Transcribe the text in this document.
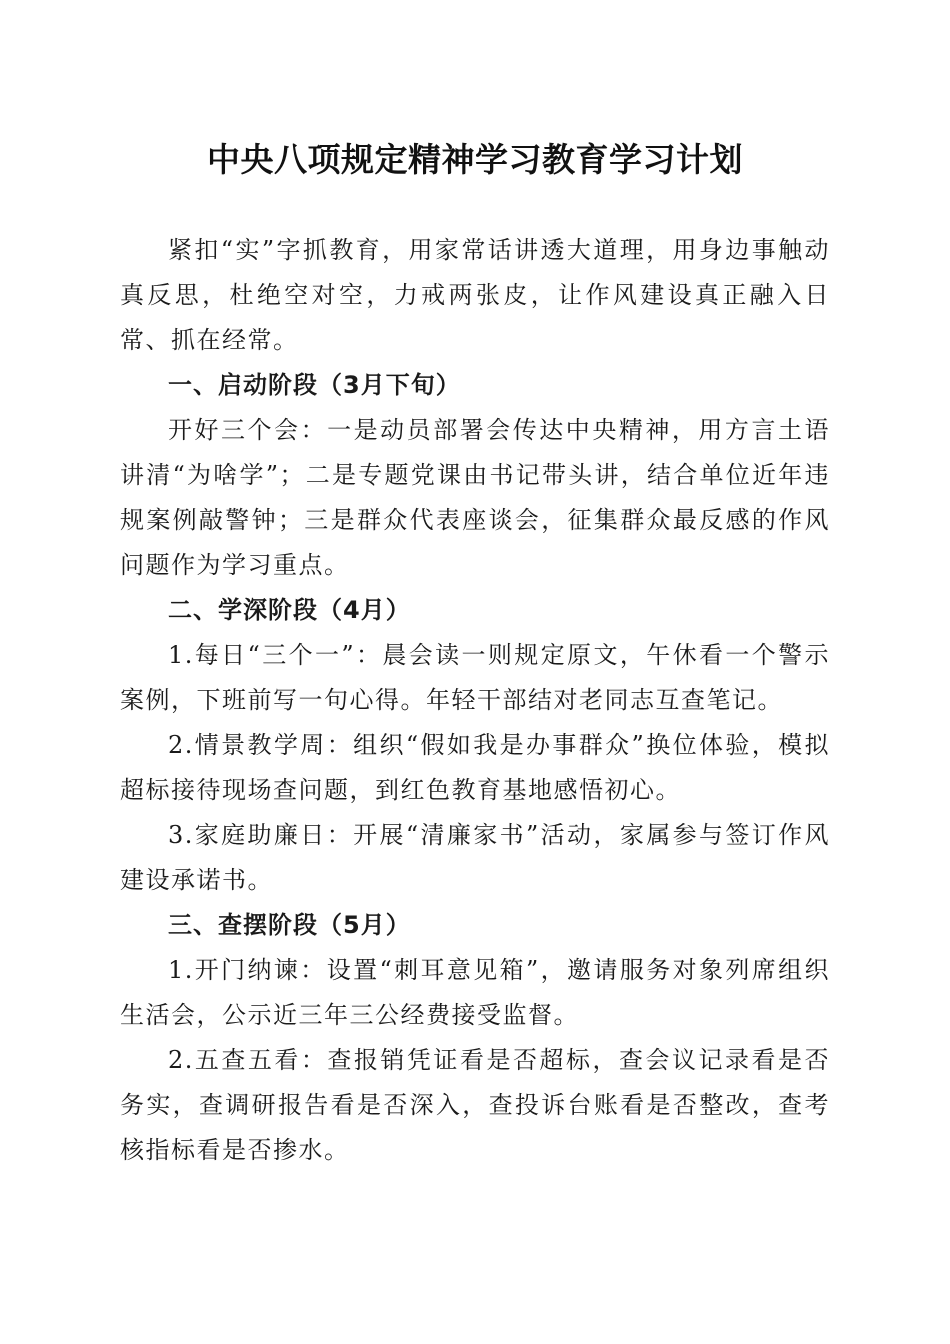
中央八项规定精神学习教育学习计划

紧扣“实”字抓教育，用家常话讲透大道理，用身边事触动真反思，杜绝空对空，力戒两张皮，让作风建设真正融入日常、抓在经常。

一、启动阶段（3月下旬）

开好三个会：一是动员部署会传达中央精神，用方言土语讲清“为啥学”；二是专题党课由书记带头讲，结合单位近年违规案例敲警钟；三是群众代表座谈会，征集群众最反感的作风问题作为学习重点。

二、学深阶段（4月）

1.每日“三个一”：晨会读一则规定原文，午休看一个警示案例，下班前写一句心得。年轻干部结对老同志互查笔记。

2.情景教学周：组织“假如我是办事群众”换位体验，模拟超标接待现场查问题，到红色教育基地感悟初心。

3.家庭助廉日：开展“清廉家书”活动，家属参与签订作风建设承诺书。

三、查摆阶段（5月）

1.开门纳谏：设置“刺耳意见箱”，邀请服务对象列席组织生活会，公示近三年三公经费接受监督。

2.五查五看：查报销凭证看是否超标，查会议记录看是否务实，查调研报告看是否深入，查投诉台账看是否整改，查考核指标看是否掺水。
